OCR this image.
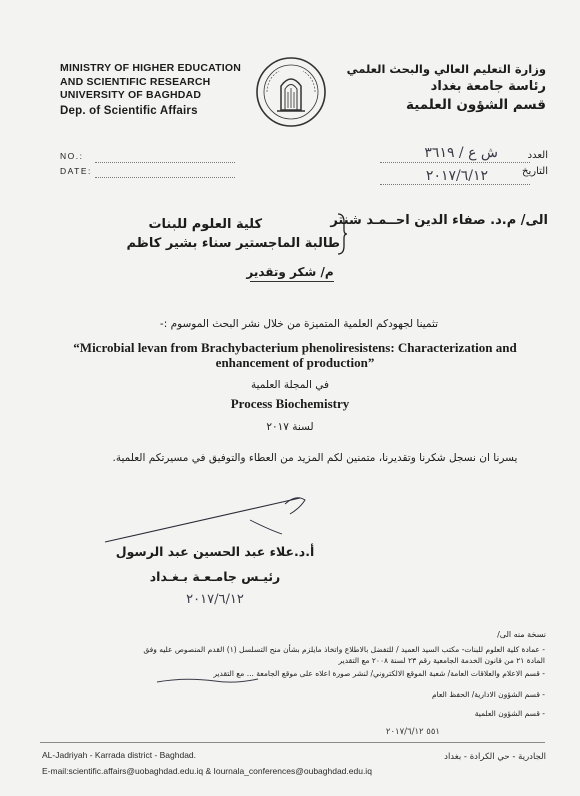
MINISTRY OF HIGHER EDUCATION
AND SCIENTIFIC RESEARCH
UNIVERSITY OF BAGHDAD
Dep. of Scientific Affairs
وزارة التعليم العالي والبحث العلمي
رئاسة جامعة بغداد
قسم الشؤون العلمية
NO.:
DATE:
العدد
التاريخ
ش ع / ٣٦١٩
٢٠١٧/٦/١٢
الى/ م.د. صفاء الدين احــمـد شنتر
طالبة الماجستير سناء بشير كاظم
كلية العلوم للبنات
م/ شكر وتقدير
تثمينا لجهودكم العلمية المتميزة من خلال نشر البحث الموسوم :-
“Microbial levan from Brachybacterium phenoliresistens: Characterization and enhancement of production”
في المجلة العلمية
Process Biochemistry
لسنة ٢٠١٧
يسرنا ان نسجل شكرنا وتقديرنا، متمنين لكم المزيد من العطاء والتوفيق في مسيرتكم العلمية.
أ.د.علاء عبد الحسين عبد الرسول
رئيـس جامـعـة بـغـداد
٢٠١٧/٦/١٢
نسخة منه الى/
- عمادة كلية العلوم للبنات- مكتب السيد العميد / للتفضل بالاطلاع واتخاذ مايلزم بشأن منح التسلسل (١) القدم المنصوص عليه وفق المادة ٢١ من قانون الخدمة الجامعية رقم ٢٣ لسنة ٢٠٠٨ مع التقدير
- قسم الاعلام والعلاقات العامة/ شعبة الموقع الالكتروني/ لنشر صورة اعلاه على موقع الجامعة ... مع التقدير
- قسم الشؤون الادارية/ الحفظ العام
- قسم الشؤون العلمية
٥٥١ ٢٠١٧/٦/١٢
AL-Jadriyah - Karrada district - Baghdad.
E-mail:scientific.affairs@uobaghdad.edu.iq & Iournala_conferences@oubaghdad.edu.iq
الجادرية - حي الكرادة - بغداد
